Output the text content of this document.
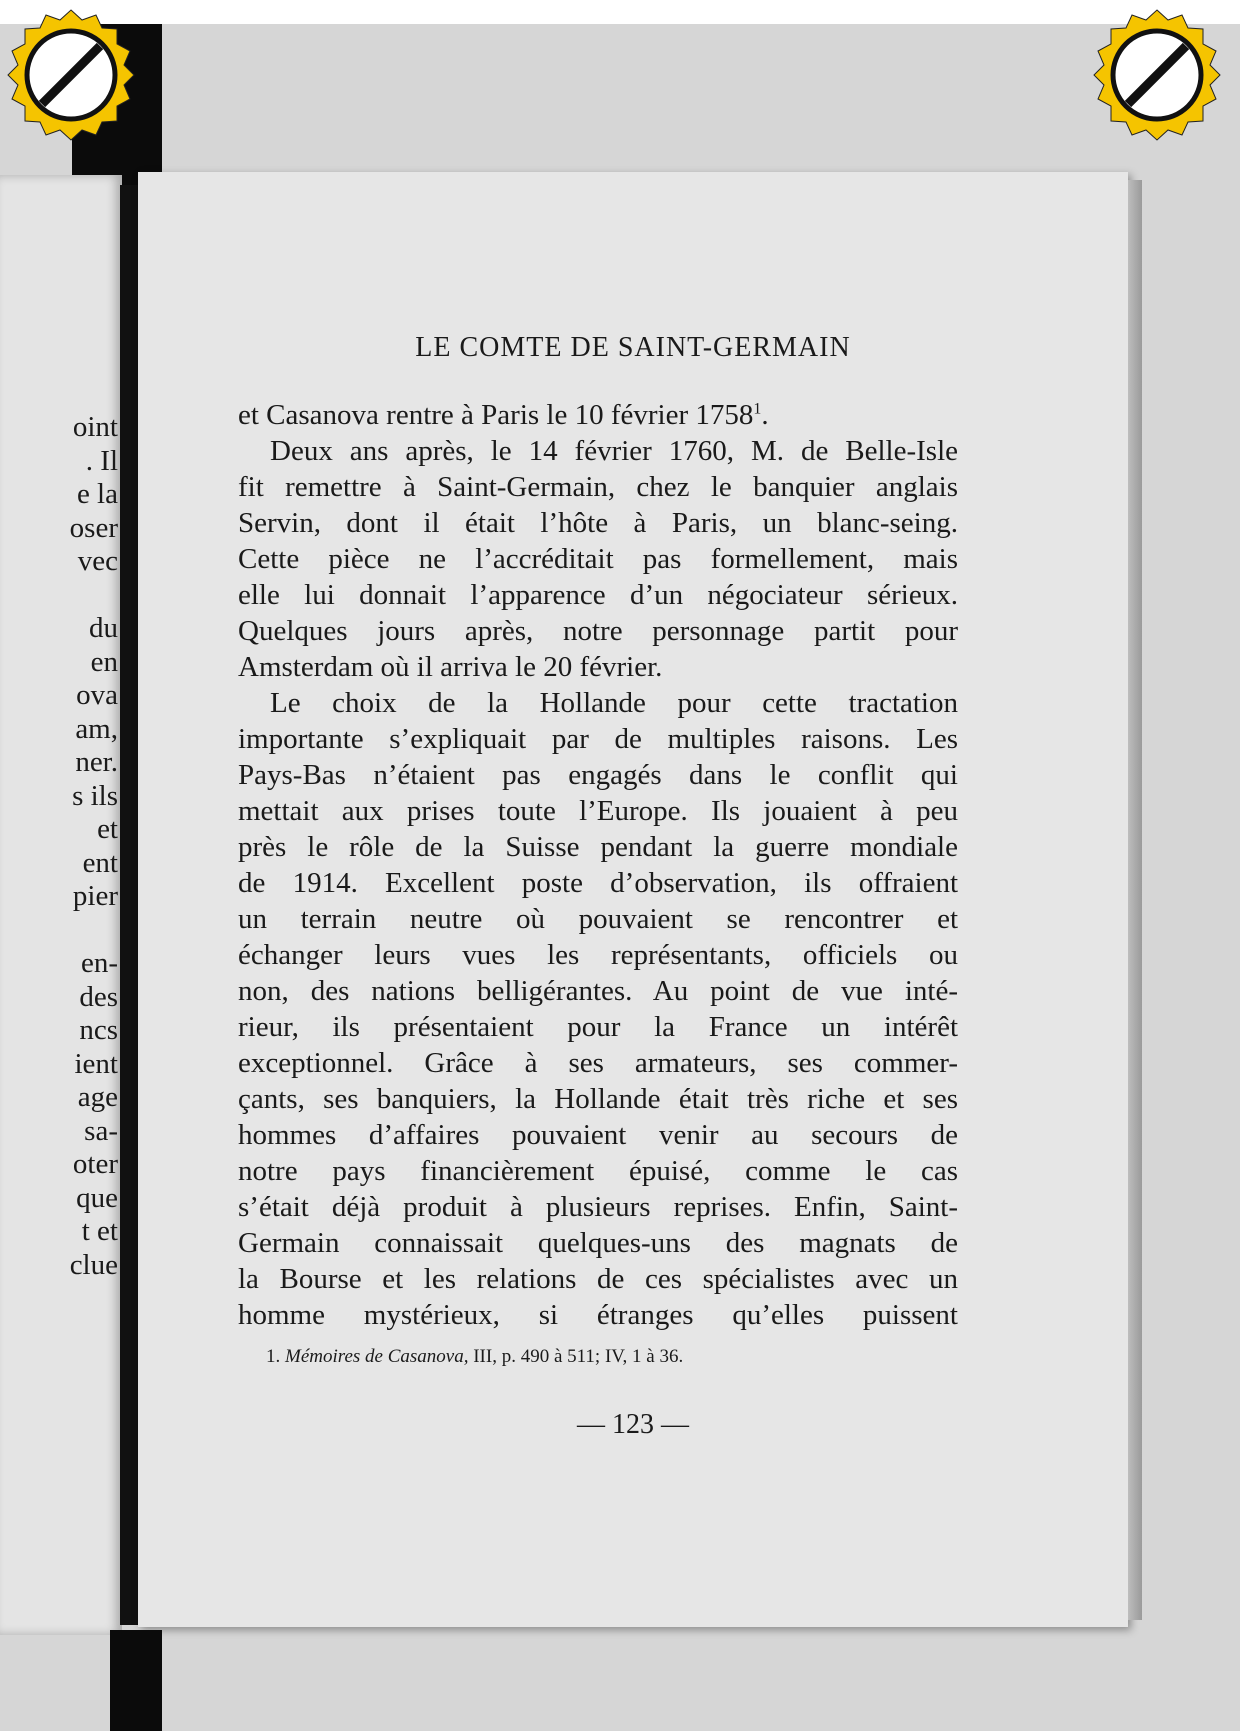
oint
. Il
e la
oser
vec
du
en
ova
am,
ner.
s ils
et
ent
pier
en-
des
ncs
ient
age
sa-
oter
que
t et
clue
LE COMTE DE SAINT-GERMAIN
et Casanova rentre à Paris le 10 février 1758$^1$.
Deux ans après, le 14 février 1760, M. de Belle-Isle
fit remettre à Saint-Germain, chez le banquier anglais
Servin, dont il était l’hôte à Paris, un blanc-seing.
Cette pièce ne l’accréditait pas formellement, mais
elle lui donnait l’apparence d’un négociateur sérieux.
Quelques jours après, notre personnage partit pour
Amsterdam où il arriva le 20 février.
Le choix de la Hollande pour cette tractation
importante s’expliquait par de multiples raisons. Les
Pays-Bas n’étaient pas engagés dans le conflit qui
mettait aux prises toute l’Europe. Ils jouaient à peu
près le rôle de la Suisse pendant la guerre mondiale
de 1914. Excellent poste d’observation, ils offraient
un terrain neutre où pouvaient se rencontrer et
échanger leurs vues les représentants, officiels ou
non, des nations belligérantes. Au point de vue inté-
rieur, ils présentaient pour la France un intérêt
exceptionnel. Grâce à ses armateurs, ses commer-
çants, ses banquiers, la Hollande était très riche et ses
hommes d’affaires pouvaient venir au secours de
notre pays financièrement épuisé, comme le cas
s’était déjà produit à plusieurs reprises. Enfin, Saint-
Germain connaissait quelques-uns des magnats de
la Bourse et les relations de ces spécialistes avec un
homme mystérieux, si étranges qu’elles puissent
1. Mémoires de Casanova, III, p. 490 à 511; IV, 1 à 36.
— 123 —
